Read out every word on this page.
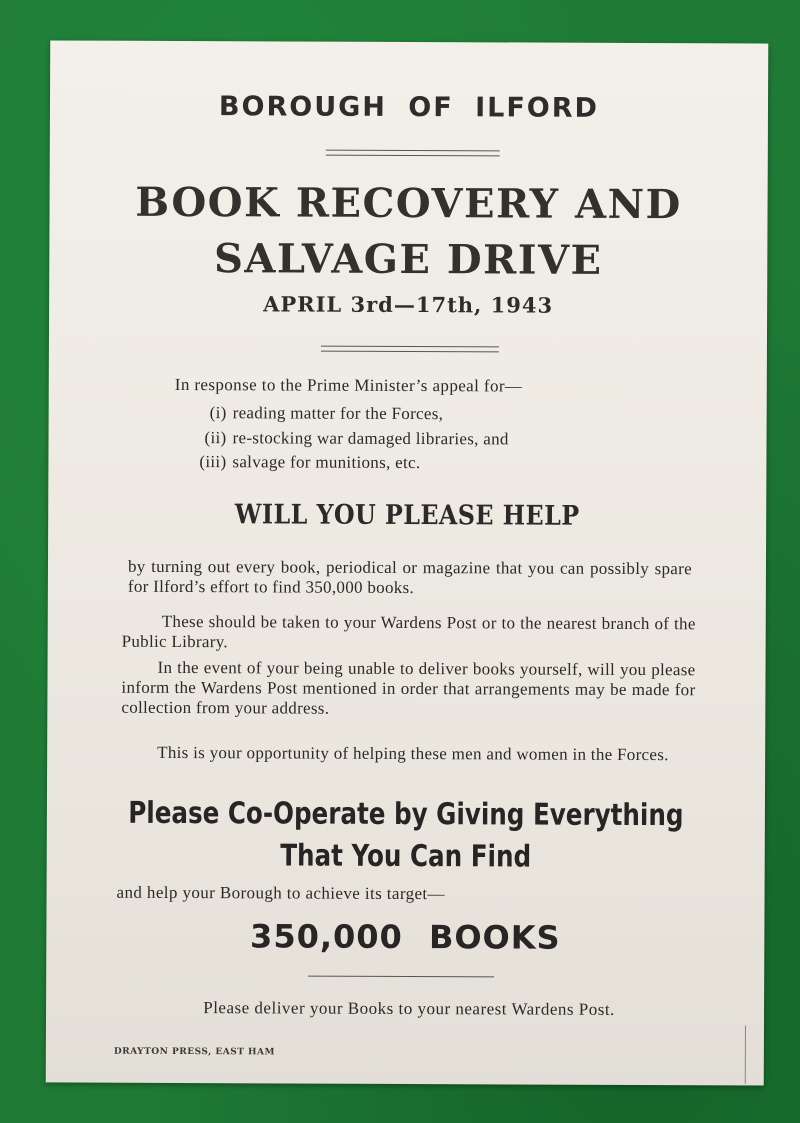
BOROUGH OF ILFORD
BOOK RECOVERY AND
SALVAGE DRIVE
APRIL 3rd—17th, 1943
In response to the Prime Minister’s appeal for—
(i) reading matter for the Forces,
(ii) re-stocking war damaged libraries, and
(iii) salvage for munitions, etc.
WILL YOU PLEASE HELP
by turning out every book, periodical or magazine that you can possibly spare for Ilford’s effort to find 350,000 books.
These should be taken to your Wardens Post or to the nearest branch of the Public Library.
In the event of your being unable to deliver books yourself, will you please inform the Wardens Post mentioned in order that arrangements may be made for collection from your address.
This is your opportunity of helping these men and women in the Forces.
Please Co-Operate by Giving Everything
That You Can Find
and help your Borough to achieve its target—
350,000 BOOKS
Please deliver your Books to your nearest Wardens Post.
DRAYTON PRESS, EAST HAM
